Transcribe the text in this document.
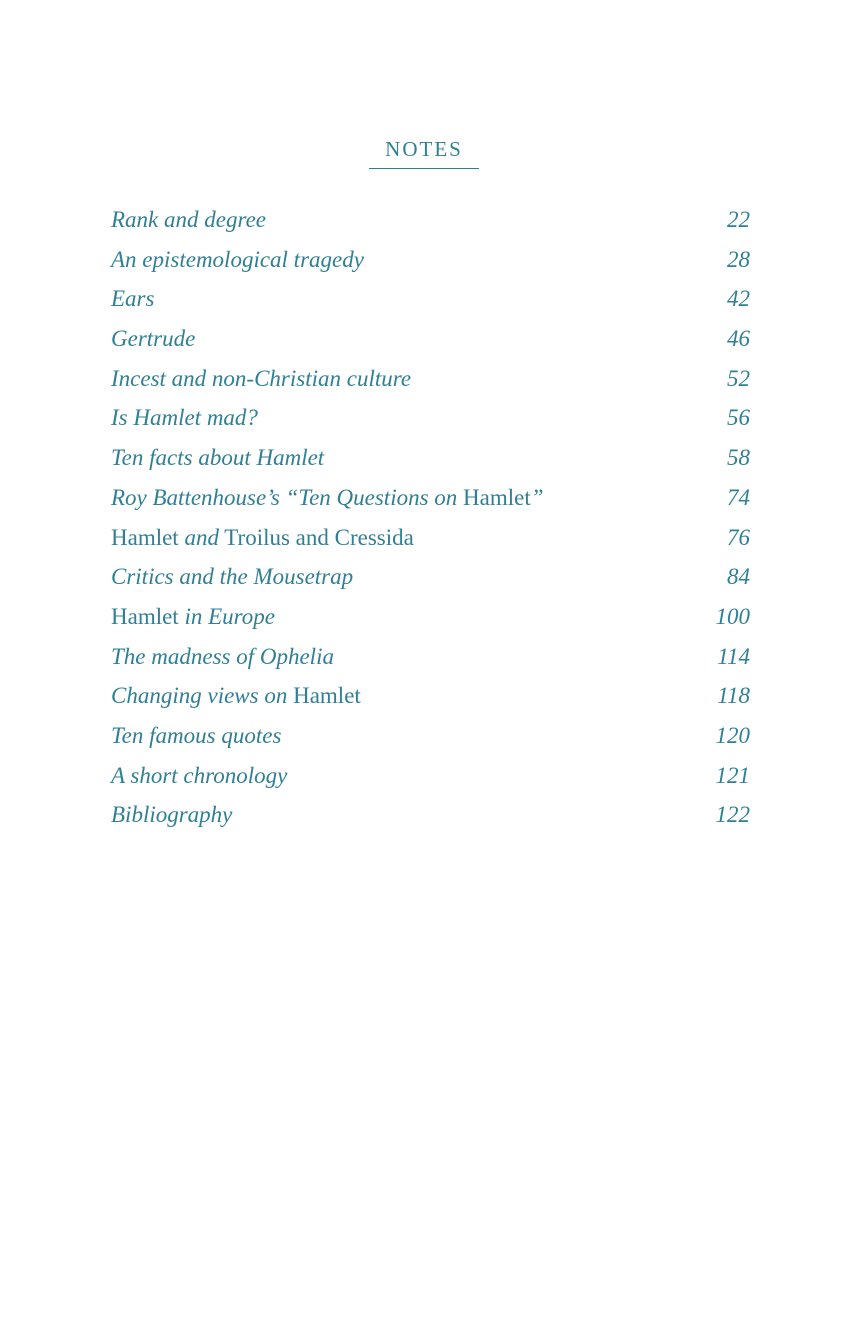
NOTES
Rank and degree	22
An epistemological tragedy	28
Ears	42
Gertrude	46
Incest and non-Christian culture	52
Is Hamlet mad?	56
Ten facts about Hamlet	58
Roy Battenhouse’s “Ten Questions on Hamlet”	74
Hamlet and Troilus and Cressida	76
Critics and the Mousetrap	84
Hamlet in Europe	100
The madness of Ophelia	114
Changing views on Hamlet	118
Ten famous quotes	120
A short chronology	121
Bibliography	122
